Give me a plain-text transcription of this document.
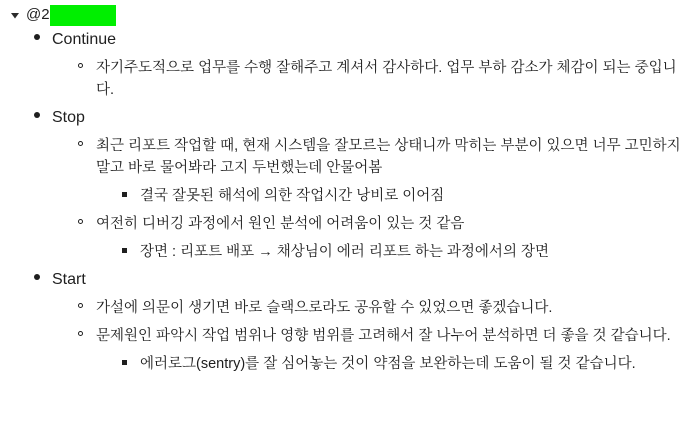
@2
Continue
자기주도적으로 업무를 수행 잘해주고 계셔서 감사하다. 업무 부하 감소가 체감이 되는 중입니다.
Stop
최근 리포트 작업할 때, 현재 시스템을 잘모르는 상태니까 막히는 부분이 있으면 너무 고민하지 말고 바로 물어봐라 고지 두번했는데 안물어봄
결국 잘못된 해석에 의한 작업시간 낭비로 이어짐
여전히 디버깅 과정에서 원인 분석에 어려움이 있는 것 같음
장면 : 리포트 배포 → 채상님이 에러 리포트 하는 과정에서의 장면
Start
가설에 의문이 생기면 바로 슬랙으로라도 공유할 수 있었으면 좋겠습니다.
문제원인 파악시 작업 범위나 영향 범위를 고려해서 잘 나누어 분석하면 더 좋을 것 같습니다.
에러로그(sentry)를 잘 심어놓는 것이 약점을 보완하는데 도움이 될 것 같습니다.
